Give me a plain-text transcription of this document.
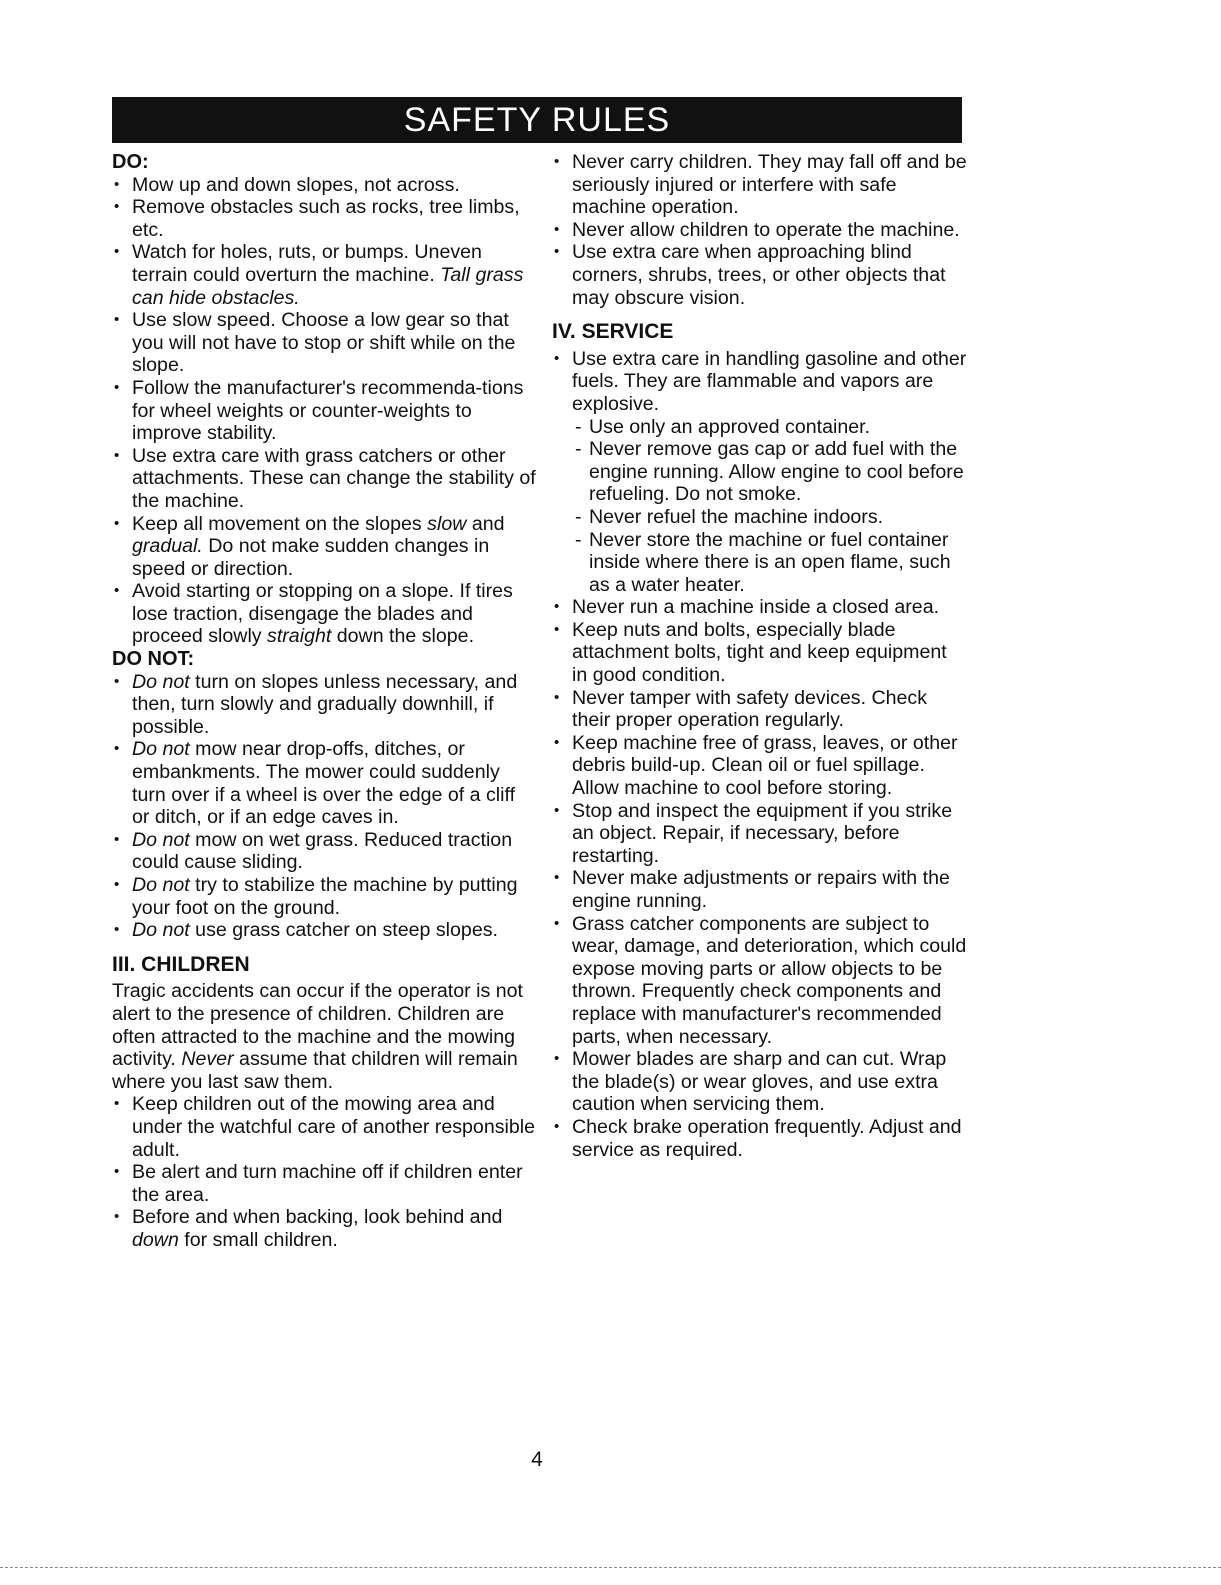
SAFETY RULES
DO:
• Mow up and down slopes, not across.
• Remove obstacles such as rocks, tree limbs, etc.
• Watch for holes, ruts, or bumps. Uneven terrain could overturn the machine. Tall grass can hide obstacles.
• Use slow speed. Choose a low gear so that you will not have to stop or shift while on the slope.
• Follow the manufacturer's recommenda-tions for wheel weights or counter-weights to improve stability.
• Use extra care with grass catchers or other attachments. These can change the stability of the machine.
• Keep all movement on the slopes slow and gradual. Do not make sudden changes in speed or direction.
• Avoid starting or stopping on a slope. If tires lose traction, disengage the blades and proceed slowly straight down the slope.
DO NOT:
• Do not turn on slopes unless necessary, and then, turn slowly and gradually downhill, if possible.
• Do not mow near drop-offs, ditches, or embankments. The mower could suddenly turn over if a wheel is over the edge of a cliff or ditch, or if an edge caves in.
• Do not mow on wet grass. Reduced traction could cause sliding.
• Do not try to stabilize the machine by putting your foot on the ground.
• Do not use grass catcher on steep slopes.
III. CHILDREN

Tragic accidents can occur if the operator is not alert to the presence of children. Children are often attracted to the machine and the mowing activity. Never assume that children will remain where you last saw them.

• Keep children out of the mowing area and under the watchful care of another responsible adult.
• Be alert and turn machine off if children enter the area.
• Before and when backing, look behind and down for small children.
• Never carry children. They may fall off and be seriously injured or interfere with safe machine operation.
• Never allow children to operate the machine.
• Use extra care when approaching blind corners, shrubs, trees, or other objects that may obscure vision.
IV. SERVICE
• Use extra care in handling gasoline and other fuels. They are flammable and vapors are explosive.
- Use only an approved container.
- Never remove gas cap or add fuel with the engine running. Allow engine to cool before refueling. Do not smoke.
- Never refuel the machine indoors.
- Never store the machine or fuel container inside where there is an open flame, such as a water heater.
• Never run a machine inside a closed area.
• Keep nuts and bolts, especially blade attachment bolts, tight and keep equipment in good condition.
• Never tamper with safety devices. Check their proper operation regularly.
• Keep machine free of grass, leaves, or other debris build-up. Clean oil or fuel spillage. Allow machine to cool before storing.
• Stop and inspect the equipment if you strike an object. Repair, if necessary, before restarting.
• Never make adjustments or repairs with the engine running.
• Grass catcher components are subject to wear, damage, and deterioration, which could expose moving parts or allow objects to be thrown. Frequently check components and replace with manufacturer's recommended parts, when necessary.
• Mower blades are sharp and can cut. Wrap the blade(s) or wear gloves, and use extra caution when servicing them.
• Check brake operation frequently. Adjust and service as required.
4
